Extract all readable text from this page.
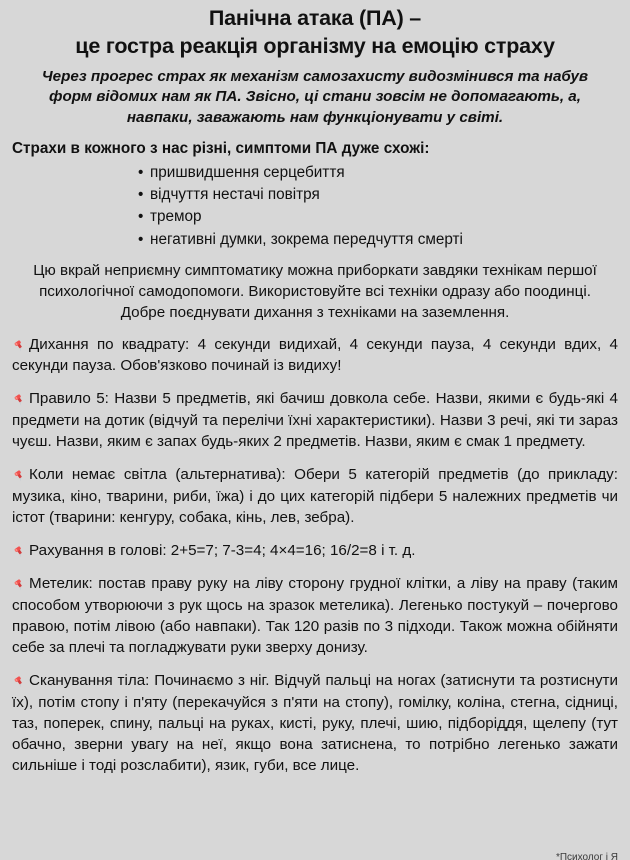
Панічна атака (ПА) –
це гостра реакція організму на емоцію страху

Через прогрес страх як механізм самозахисту видозмінився та набув форм відомих нам як ПА. Звісно, ці стани зовсім не допомагають, а, навпаки, заважають нам функціонувати у світі.

Страхи в кожного з нас різні, симптоми ПА дуже схожі:

• пришвидшення серцебиття
• відчуття нестачі повітря
• тремор
• негативні думки, зокрема передчуття смерті

Цю вкрай неприємну симптоматику можна приборкати завдяки технікам першої психологічної самодопомоги. Використовуйте всі техніки одразу або поодинці. Добре поєднувати дихання з техніками на заземлення.

Дихання по квадрату: 4 секунди видихай, 4 секунди пауза, 4 секунди вдих, 4 секунди пауза. Обов'язково починай із видиху!

Правило 5: Назви 5 предметів, які бачиш довкола себе. Назви, якими є будь-які 4 предмети на дотик (відчуй та перелічи їхні характеристики). Назви 3 речі, які ти зараз чуєш. Назви, яким є запах будь-яких 2 предметів. Назви, яким є смак 1 предмету.

Коли немає світла (альтернатива): Обери 5 категорій предметів (до прикладу: музика, кіно, тварини, риби, їжа) і до цих категорій підбери 5 належних предметів чи істот (тварини: кенгуру, собака, кінь, лев, зебра).

Рахування в голові: 2+5=7; 7-3=4; 4×4=16; 16/2=8 і т. д.

Метелик: постав праву руку на ліву сторону грудної клітки, а ліву на праву (таким способом утворюючи з рук щось на зразок метелика). Легенько постукуй – почергово правою, потім лівою (або навпаки). Так 120 разів по 3 підходи. Також можна обійняти себе за плечі та погладжувати руки зверху донизу.

Сканування тіла: Починаємо з ніг. Відчуй пальці на ногах (затиснути та розтиснути їх), потім стопу і п'яту (перекачуйся з п'яти на стопу), гомілку, коліна, стегна, сідниці, таз, поперек, спину, пальці на руках, кисті, руку, плечі, шию, підборіддя, щелепу (тут обачно, зверни увагу на неї, якщо вона затиснена, то потрібно легенько зажати сильніше і тоді розслабити), язик, губи, все лице.

*Психолог і Я
